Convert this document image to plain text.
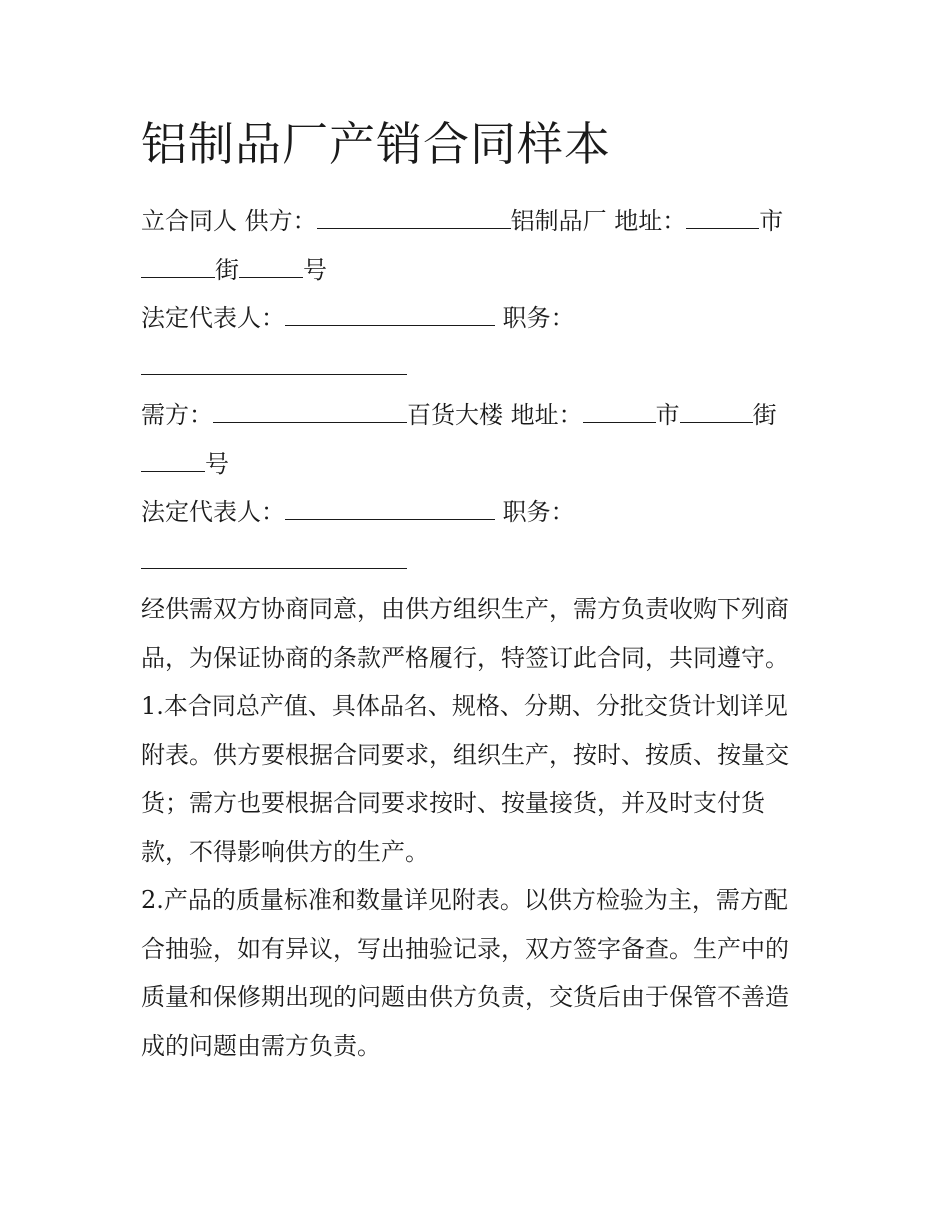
铝制品厂产销合同样本
立合同人 供方：	铝制品厂 地址：	市
街	号
法定代表人：	职务：
需方：	百货大楼 地址：	市	街
号
法定代表人：	职务：
经供需双方协商同意，由供方组织生产，需方负责收购下列商
品，为保证协商的条款严格履行，特签订此合同，共同遵守。
1.本合同总产值、具体品名、规格、分期、分批交货计划详见
附表。供方要根据合同要求，组织生产，按时、按质、按量交
货；需方也要根据合同要求按时、按量接货，并及时支付货
款，不得影响供方的生产。
2.产品的质量标准和数量详见附表。以供方检验为主，需方配
合抽验，如有异议，写出抽验记录，双方签字备查。生产中的
质量和保修期出现的问题由供方负责，交货后由于保管不善造
成的问题由需方负责。
